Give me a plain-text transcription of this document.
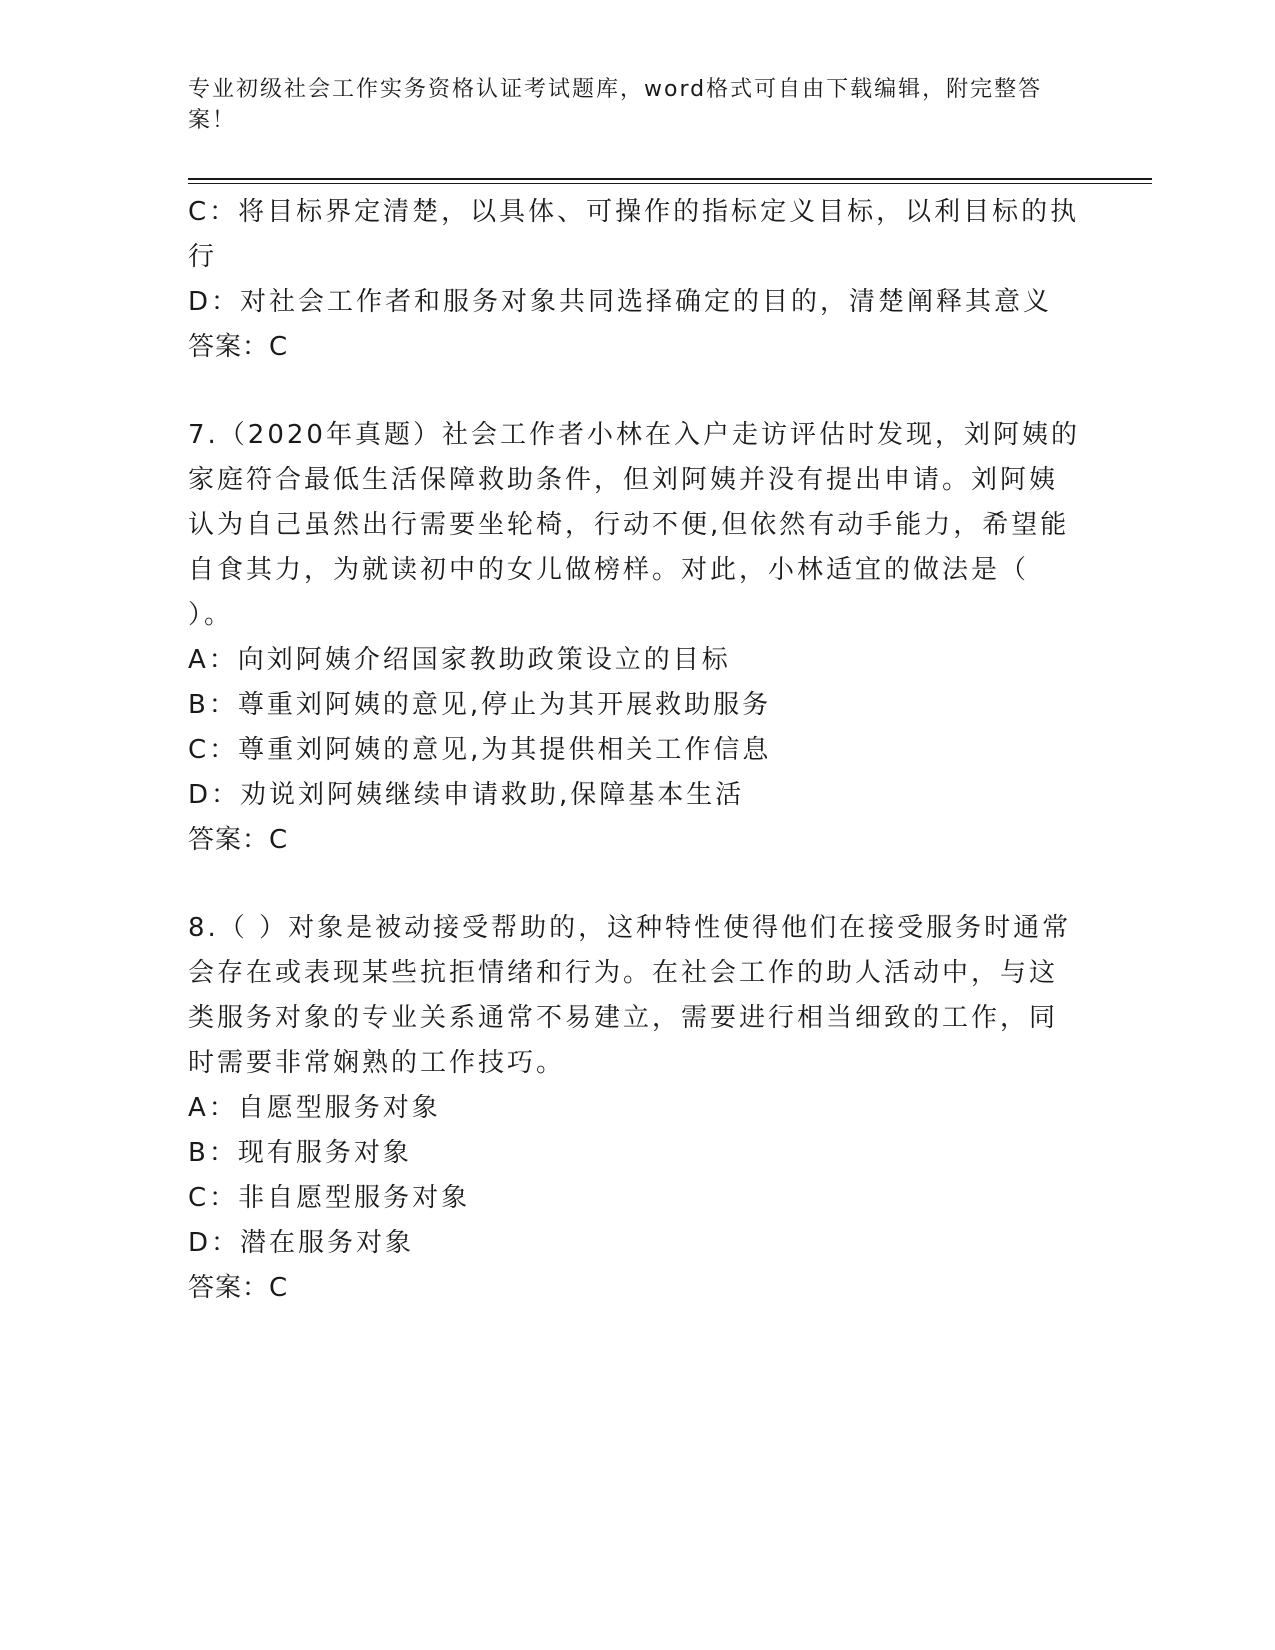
专业初级社会工作实务资格认证考试题库，word格式可自由下载编辑，附完整答
案！
C：将目标界定清楚，以具体、可操作的指标定义目标，以利目标的执
行
D：对社会工作者和服务对象共同选择确定的目的，清楚阐释其意义
答案：C
7.（2020年真题）社会工作者小林在入户走访评估时发现，刘阿姨的
家庭符合最低生活保障救助条件，但刘阿姨并没有提出申请。刘阿姨
认为自己虽然出行需要坐轮椅，行动不便,但依然有动手能力，希望能
自食其力，为就读初中的女儿做榜样。对此，小林适宜的做法是（
）。
A：向刘阿姨介绍国家教助政策设立的目标
B：尊重刘阿姨的意见,停止为其开展救助服务
C：尊重刘阿姨的意见,为其提供相关工作信息
D：劝说刘阿姨继续申请救助,保障基本生活
答案：C
8.（ ）对象是被动接受帮助的，这种特性使得他们在接受服务时通常
会存在或表现某些抗拒情绪和行为。在社会工作的助人活动中，与这
类服务对象的专业关系通常不易建立，需要进行相当细致的工作，同
时需要非常娴熟的工作技巧。
A：自愿型服务对象
B：现有服务对象
C：非自愿型服务对象
D：潜在服务对象
答案：C
